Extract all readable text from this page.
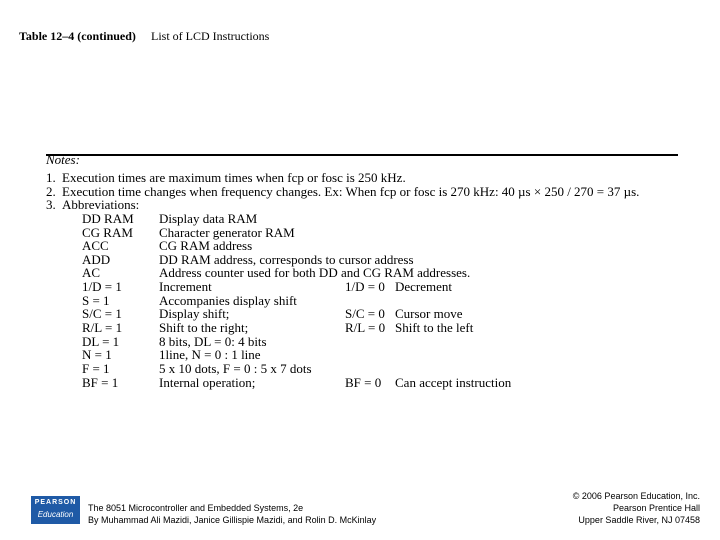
Table 12–4 (continued) List of LCD Instructions
Notes:
1. Execution times are maximum times when fcp or fosc is 250 kHz.
2. Execution time changes when frequency changes. Ex: When fcp or fosc is 270 kHz: 40 µs × 250 / 270 = 37 µs.
3. Abbreviations:
DD RAM Display data RAM
CG RAM Character generator RAM
ACC	CG RAM address
ADD	DD RAM address, corresponds to cursor address
AC	Address counter used for both DD and CG RAM addresses.
1/D = 1	Increment	1/D = 0 Decrement
S = 1	Accompanies display shift
S/C = 1	Display shift;	S/C = 0 Cursor move
R/L = 1	Shift to the right;	R/L = 0 Shift to the left
DL = 1	8 bits, DL = 0: 4 bits
N = 1	1line, N = 0 : 1 line
F = 1	5 x 10 dots, F = 0 : 5 x 7 dots
BF = 1	Internal operation;	BF = 0 Can accept instruction
PEARSON
Education
The 8051 Microcontroller and Embedded Systems, 2e
By Muhammad Ali Mazidi, Janice Gillispie Mazidi, and Rolin D. McKinlay
© 2006 Pearson Education, Inc.
Pearson Prentice Hall
Upper Saddle River, NJ 07458
